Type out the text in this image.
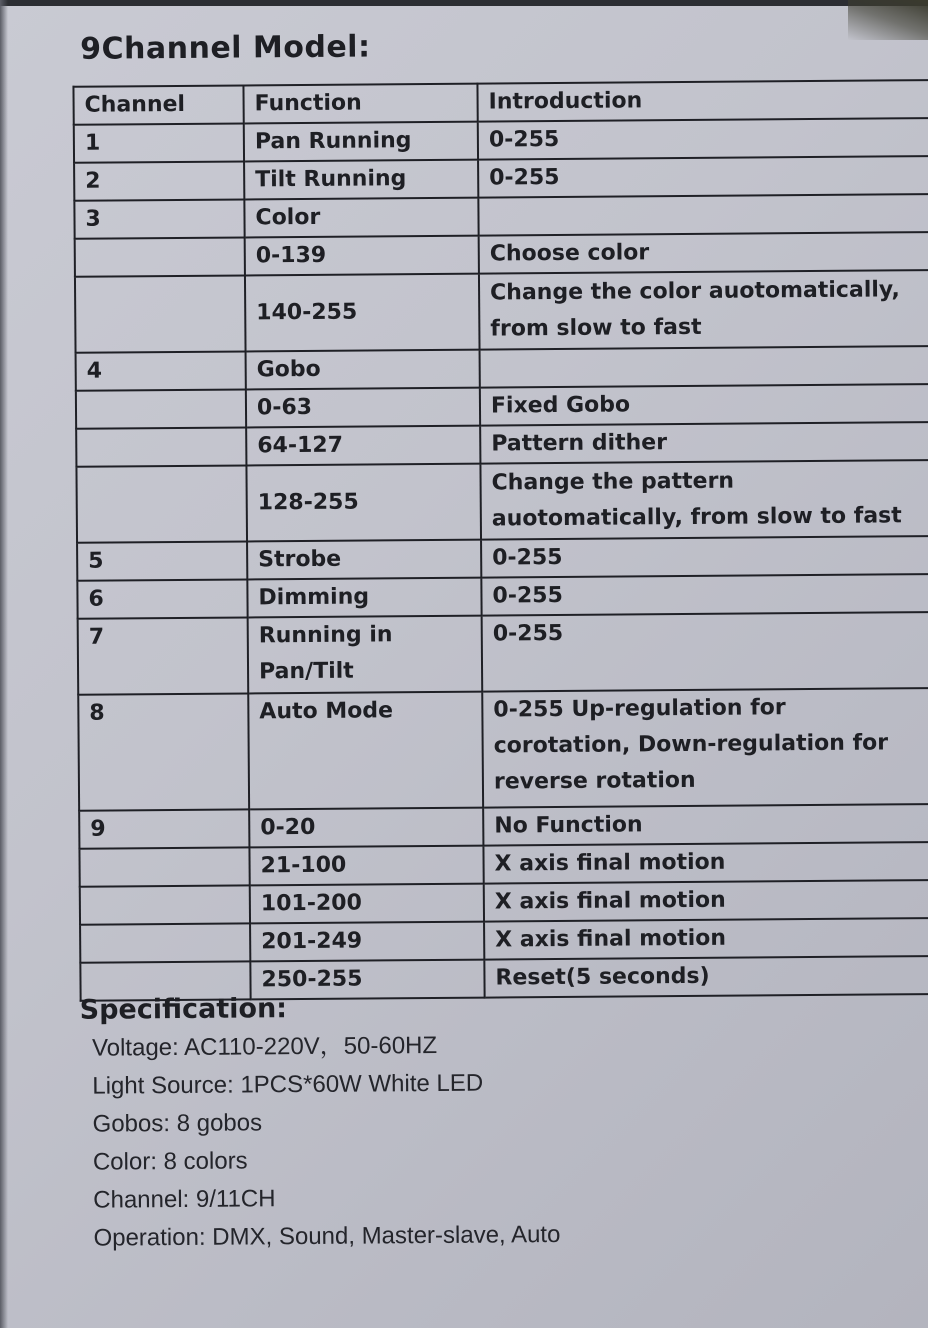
9Channel Model:
Channel	Function	Introduction
1	Pan Running	0-255
2	Tilt Running	0-255
3	Color	
	0-139	Choose color
	140-255	Change the color auotomatically, from slow to fast
4	Gobo	
	0-63	Fixed Gobo
	64-127	Pattern dither
	128-255	Change the pattern auotomatically, from slow to fast
5	Strobe	0-255
6	Dimming	0-255
7	Running in Pan/Tilt	0-255
8	Auto Mode	0-255 Up-regulation for corotation, Down-regulation for reverse rotation
9	0-20	No Function
	21-100	X axis final motion
	101-200	X axis final motion
	201-249	X axis final motion
	250-255	Reset(5 seconds)
Specification:
Voltage: AC110-220V，50-60HZ
Light Source: 1PCS*60W White LED
Gobos: 8 gobos
Color: 8 colors
Channel: 9/11CH
Operation: DMX, Sound, Master-slave, Auto
